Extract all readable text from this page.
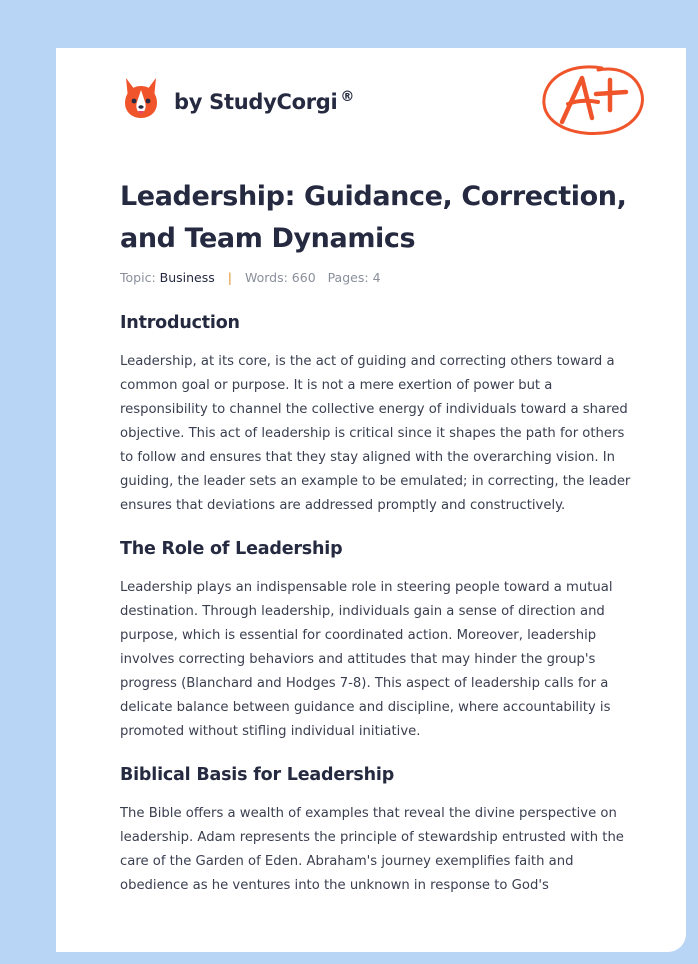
by StudyCorgi ®
Leadership: Guidance, Correction, and Team Dynamics
Topic: Business | Words: 660 Pages: 4
Introduction

Leadership, at its core, is the act of guiding and correcting others toward a common goal or purpose. It is not a mere exertion of power but a responsibility to channel the collective energy of individuals toward a shared objective. This act of leadership is critical since it shapes the path for others to follow and ensures that they stay aligned with the overarching vision. In guiding, the leader sets an example to be emulated; in correcting, the leader ensures that deviations are addressed promptly and constructively.

The Role of Leadership

Leadership plays an indispensable role in steering people toward a mutual destination. Through leadership, individuals gain a sense of direction and purpose, which is essential for coordinated action. Moreover, leadership involves correcting behaviors and attitudes that may hinder the group's progress (Blanchard and Hodges 7-8). This aspect of leadership calls for a delicate balance between guidance and discipline, where accountability is promoted without stifling individual initiative.

Biblical Basis for Leadership

The Bible offers a wealth of examples that reveal the divine perspective on leadership. Adam represents the principle of stewardship entrusted with the care of the Garden of Eden. Abraham's journey exemplifies faith and obedience as he ventures into the unknown in response to God's
